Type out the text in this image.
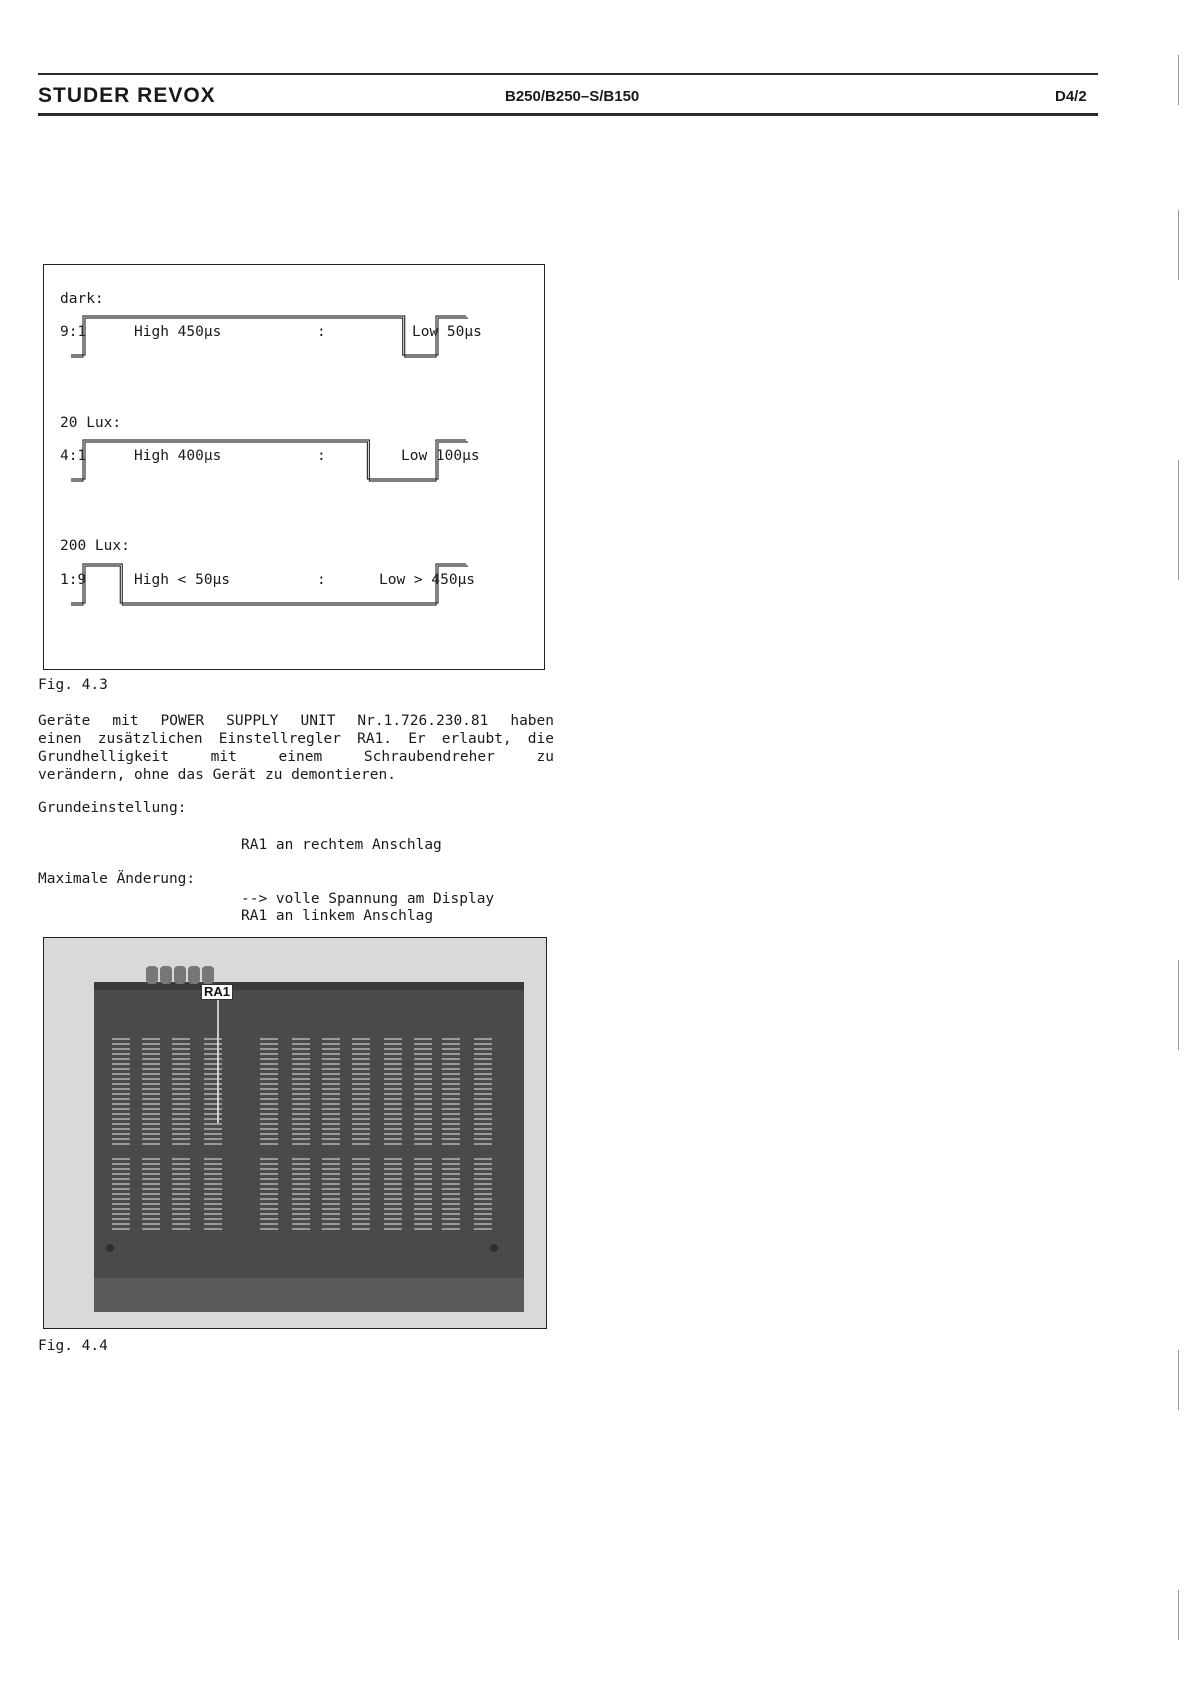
STUDER REVOX	B250/B250–S/B150	D4/2
dark:
9:1	High 450µs	:	Low 50µs
20 Lux:
4:1	High 400µs	:	Low 100µs
200 Lux:
1:9	High < 50µs	:	Low > 450µs
Fig. 4.3
Geräte mit POWER SUPPLY UNIT Nr.1.726.230.81 haben
einen zusätzlichen Einstellregler RA1. Er erlaubt, die
Grundhelligkeit mit einem Schraubendreher zu
verändern, ohne das Gerät zu demontieren.
Grundeinstellung:

RA1 an rechtem Anschlag

--> volle Spannung am Display

Maximale Änderung:

RA1 an linkem Anschlag

RA1
Fig. 4.4
